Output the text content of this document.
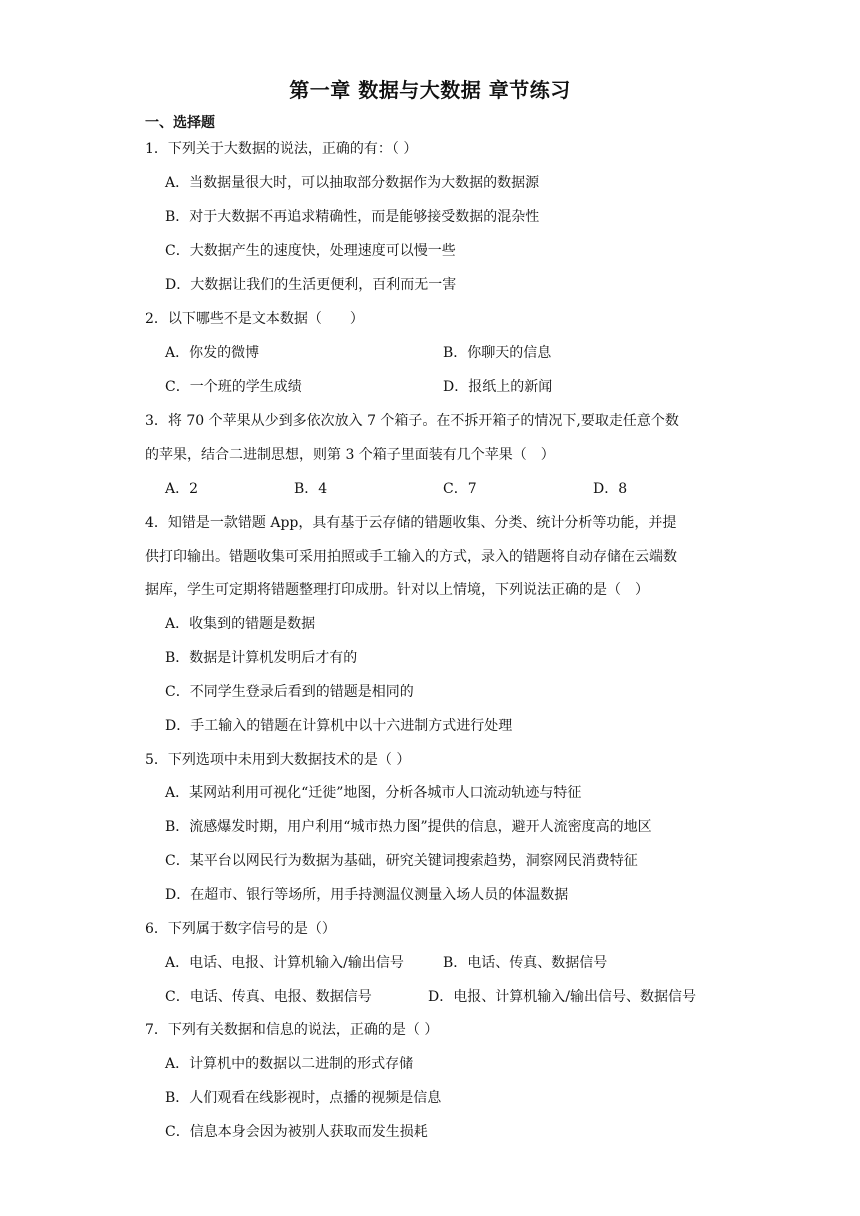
第一章 数据与大数据 章节练习
一、选择题
1．下列关于大数据的说法，正确的有：（ ）
A．当数据量很大时，可以抽取部分数据作为大数据的数据源
B．对于大数据不再追求精确性，而是能够接受数据的混杂性
C．大数据产生的速度快，处理速度可以慢一些
D．大数据让我们的生活更便利，百利而无一害
2．以下哪些不是文本数据（　　）
A．你发的微博	B．你聊天的信息
C．一个班的学生成绩	D．报纸上的新闻
3．将 70 个苹果从少到多依次放入 7 个箱子。在不拆开箱子的情况下,要取走任意个数
的苹果，结合二进制思想，则第 3 个箱子里面装有几个苹果（　）
A．2	B．4	C．7	D．8
4．知错是一款错题 App，具有基于云存储的错题收集、分类、统计分析等功能，并提
供打印输出。错题收集可采用拍照或手工输入的方式，录入的错题将自动存储在云端数
据库，学生可定期将错题整理打印成册。针对以上情境，下列说法正确的是（　）
A．收集到的错题是数据
B．数据是计算机发明后才有的
C．不同学生登录后看到的错题是相同的
D．手工输入的错题在计算机中以十六进制方式进行处理
5．下列选项中未用到大数据技术的是（ ）
A．某网站利用可视化“迁徙”地图，分析各城市人口流动轨迹与特征
B．流感爆发时期，用户利用“城市热力图”提供的信息，避开人流密度高的地区
C．某平台以网民行为数据为基础，研究关键词搜索趋势，洞察网民消费特征
D．在超市、银行等场所，用手持测温仪测量入场人员的体温数据
6．下列属于数字信号的是（）
A．电话、电报、计算机输入/输出信号	B．电话、传真、数据信号
C．电话、传真、电报、数据信号	D．电报、计算机输入/输出信号、数据信号
7．下列有关数据和信息的说法，正确的是（ ）
A．计算机中的数据以二进制的形式存储
B．人们观看在线影视时，点播的视频是信息
C．信息本身会因为被别人获取而发生损耗
